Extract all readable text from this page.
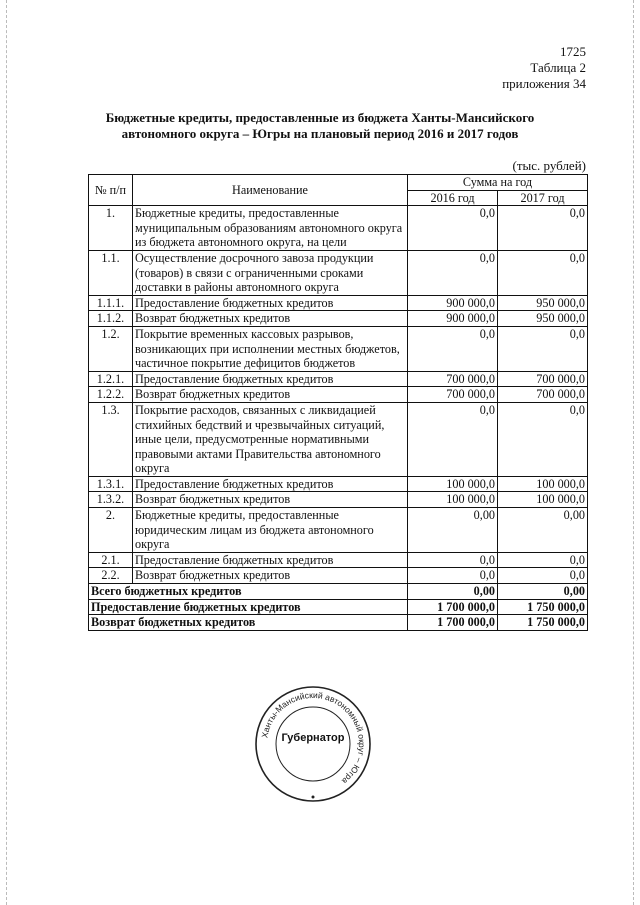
1725
Таблица 2
приложения 34
Бюджетные кредиты, предоставленные из бюджета Ханты-Мансийского
автономного округа – Югры на плановый период 2016 и 2017 годов
(тыс. рублей)
№ п/п	Наименование	Сумма на год	
		2016 год	2017 год
1.	Бюджетные кредиты, предоставленные муниципальным образованиям автономного округа из бюджета автономного округа, на цели	0,0	0,0
1.1.	Осуществление досрочного завоза продукции (товаров) в связи с ограниченными сроками доставки в районы автономного округа	0,0	0,0
1.1.1.	Предоставление бюджетных кредитов	900 000,0	950 000,0
1.1.2.	Возврат бюджетных кредитов	900 000,0	950 000,0
1.2.	Покрытие временных кассовых разрывов, возникающих при исполнении местных бюджетов, частичное покрытие дефицитов бюджетов	0,0	0,0
1.2.1.	Предоставление бюджетных кредитов	700 000,0	700 000,0
1.2.2.	Возврат бюджетных кредитов	700 000,0	700 000,0
1.3.	Покрытие расходов, связанных с ликвидацией стихийных бедствий и чрезвычайных ситуаций, иные цели, предусмотренные нормативными правовыми актами Правительства автономного округа	0,0	0,0
1.3.1.	Предоставление бюджетных кредитов	100 000,0	100 000,0
1.3.2.	Возврат бюджетных кредитов	100 000,0	100 000,0
2.	Бюджетные кредиты, предоставленные юридическим лицам из бюджета автономного округа	0,00	0,00
2.1.	Предоставление бюджетных кредитов	0,0	0,0
2.2.	Возврат бюджетных кредитов	0,0	0,0
Всего бюджетных кредитов		0,00	0,00
Предоставление бюджетных кредитов		1 700 000,0	1 750 000,0
Возврат бюджетных кредитов		1 700 000,0	1 750 000,0
Ханты-Мансийский автономный округ – Югра
Губернатор
